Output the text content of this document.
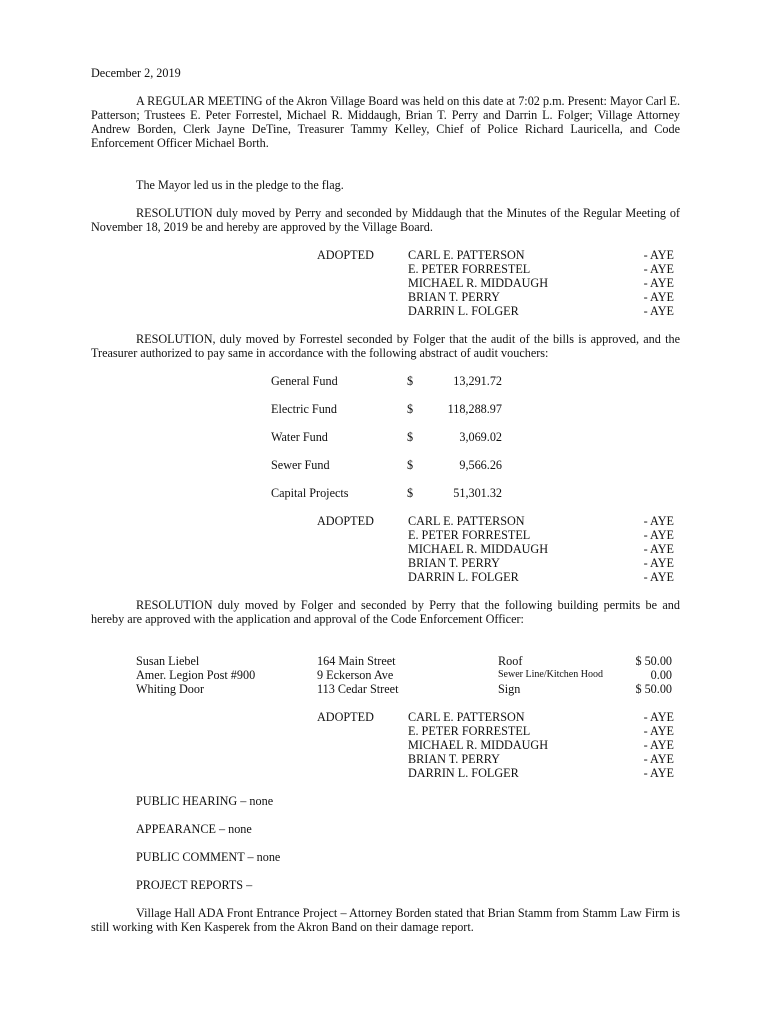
December 2, 2019

A REGULAR MEETING of the Akron Village Board was held on this date at 7:02 p.m. Present: Mayor Carl E. Patterson; Trustees E. Peter Forrestel, Michael R. Middaugh, Brian T. Perry and Darrin L. Folger; Village Attorney Andrew Borden, Clerk Jayne DeTine, Treasurer Tammy Kelley, Chief of Police Richard Lauricella, and Code Enforcement Officer Michael Borth.

The Mayor led us in the pledge to the flag.

RESOLUTION duly moved by Perry and seconded by Middaugh that the Minutes of the Regular Meeting of November 18, 2019 be and hereby are approved by the Village Board.

ADOPTED	CARL E. PATTERSON	- AYE
E. PETER FORRESTEL	- AYE
MICHAEL R. MIDDAUGH	- AYE
BRIAN T. PERRY	- AYE
DARRIN L. FOLGER	- AYE

RESOLUTION, duly moved by Forrestel seconded by Folger that the audit of the bills is approved, and the Treasurer authorized to pay same in accordance with the following abstract of audit vouchers:

General Fund	$	13,291.72
Electric Fund	$	118,288.97
Water Fund	$	3,069.02
Sewer Fund	$	9,566.26
Capital Projects	$	51,301.32
ADOPTED	CARL E. PATTERSON	- AYE
E. PETER FORRESTEL	- AYE
MICHAEL R. MIDDAUGH	- AYE
BRIAN T. PERRY	- AYE
DARRIN L. FOLGER	- AYE

RESOLUTION duly moved by Folger and seconded by Perry that the following building permits be and hereby are approved with the application and approval of the Code Enforcement Officer:

Susan Liebel	164 Main Street	Roof	$ 50.00
Amer. Legion Post #900	9 Eckerson Ave	Sewer Line/Kitchen Hood	0.00
Whiting Door	113 Cedar Street	Sign	$ 50.00
ADOPTED	CARL E. PATTERSON	- AYE
E. PETER FORRESTEL	- AYE
MICHAEL R. MIDDAUGH	- AYE
BRIAN T. PERRY	- AYE
DARRIN L. FOLGER	- AYE
PUBLIC HEARING – none
APPEARANCE – none
PUBLIC COMMENT – none
PROJECT REPORTS –

Village Hall ADA Front Entrance Project – Attorney Borden stated that Brian Stamm from Stamm Law Firm is still working with Ken Kasperek from the Akron Band on their damage report.
